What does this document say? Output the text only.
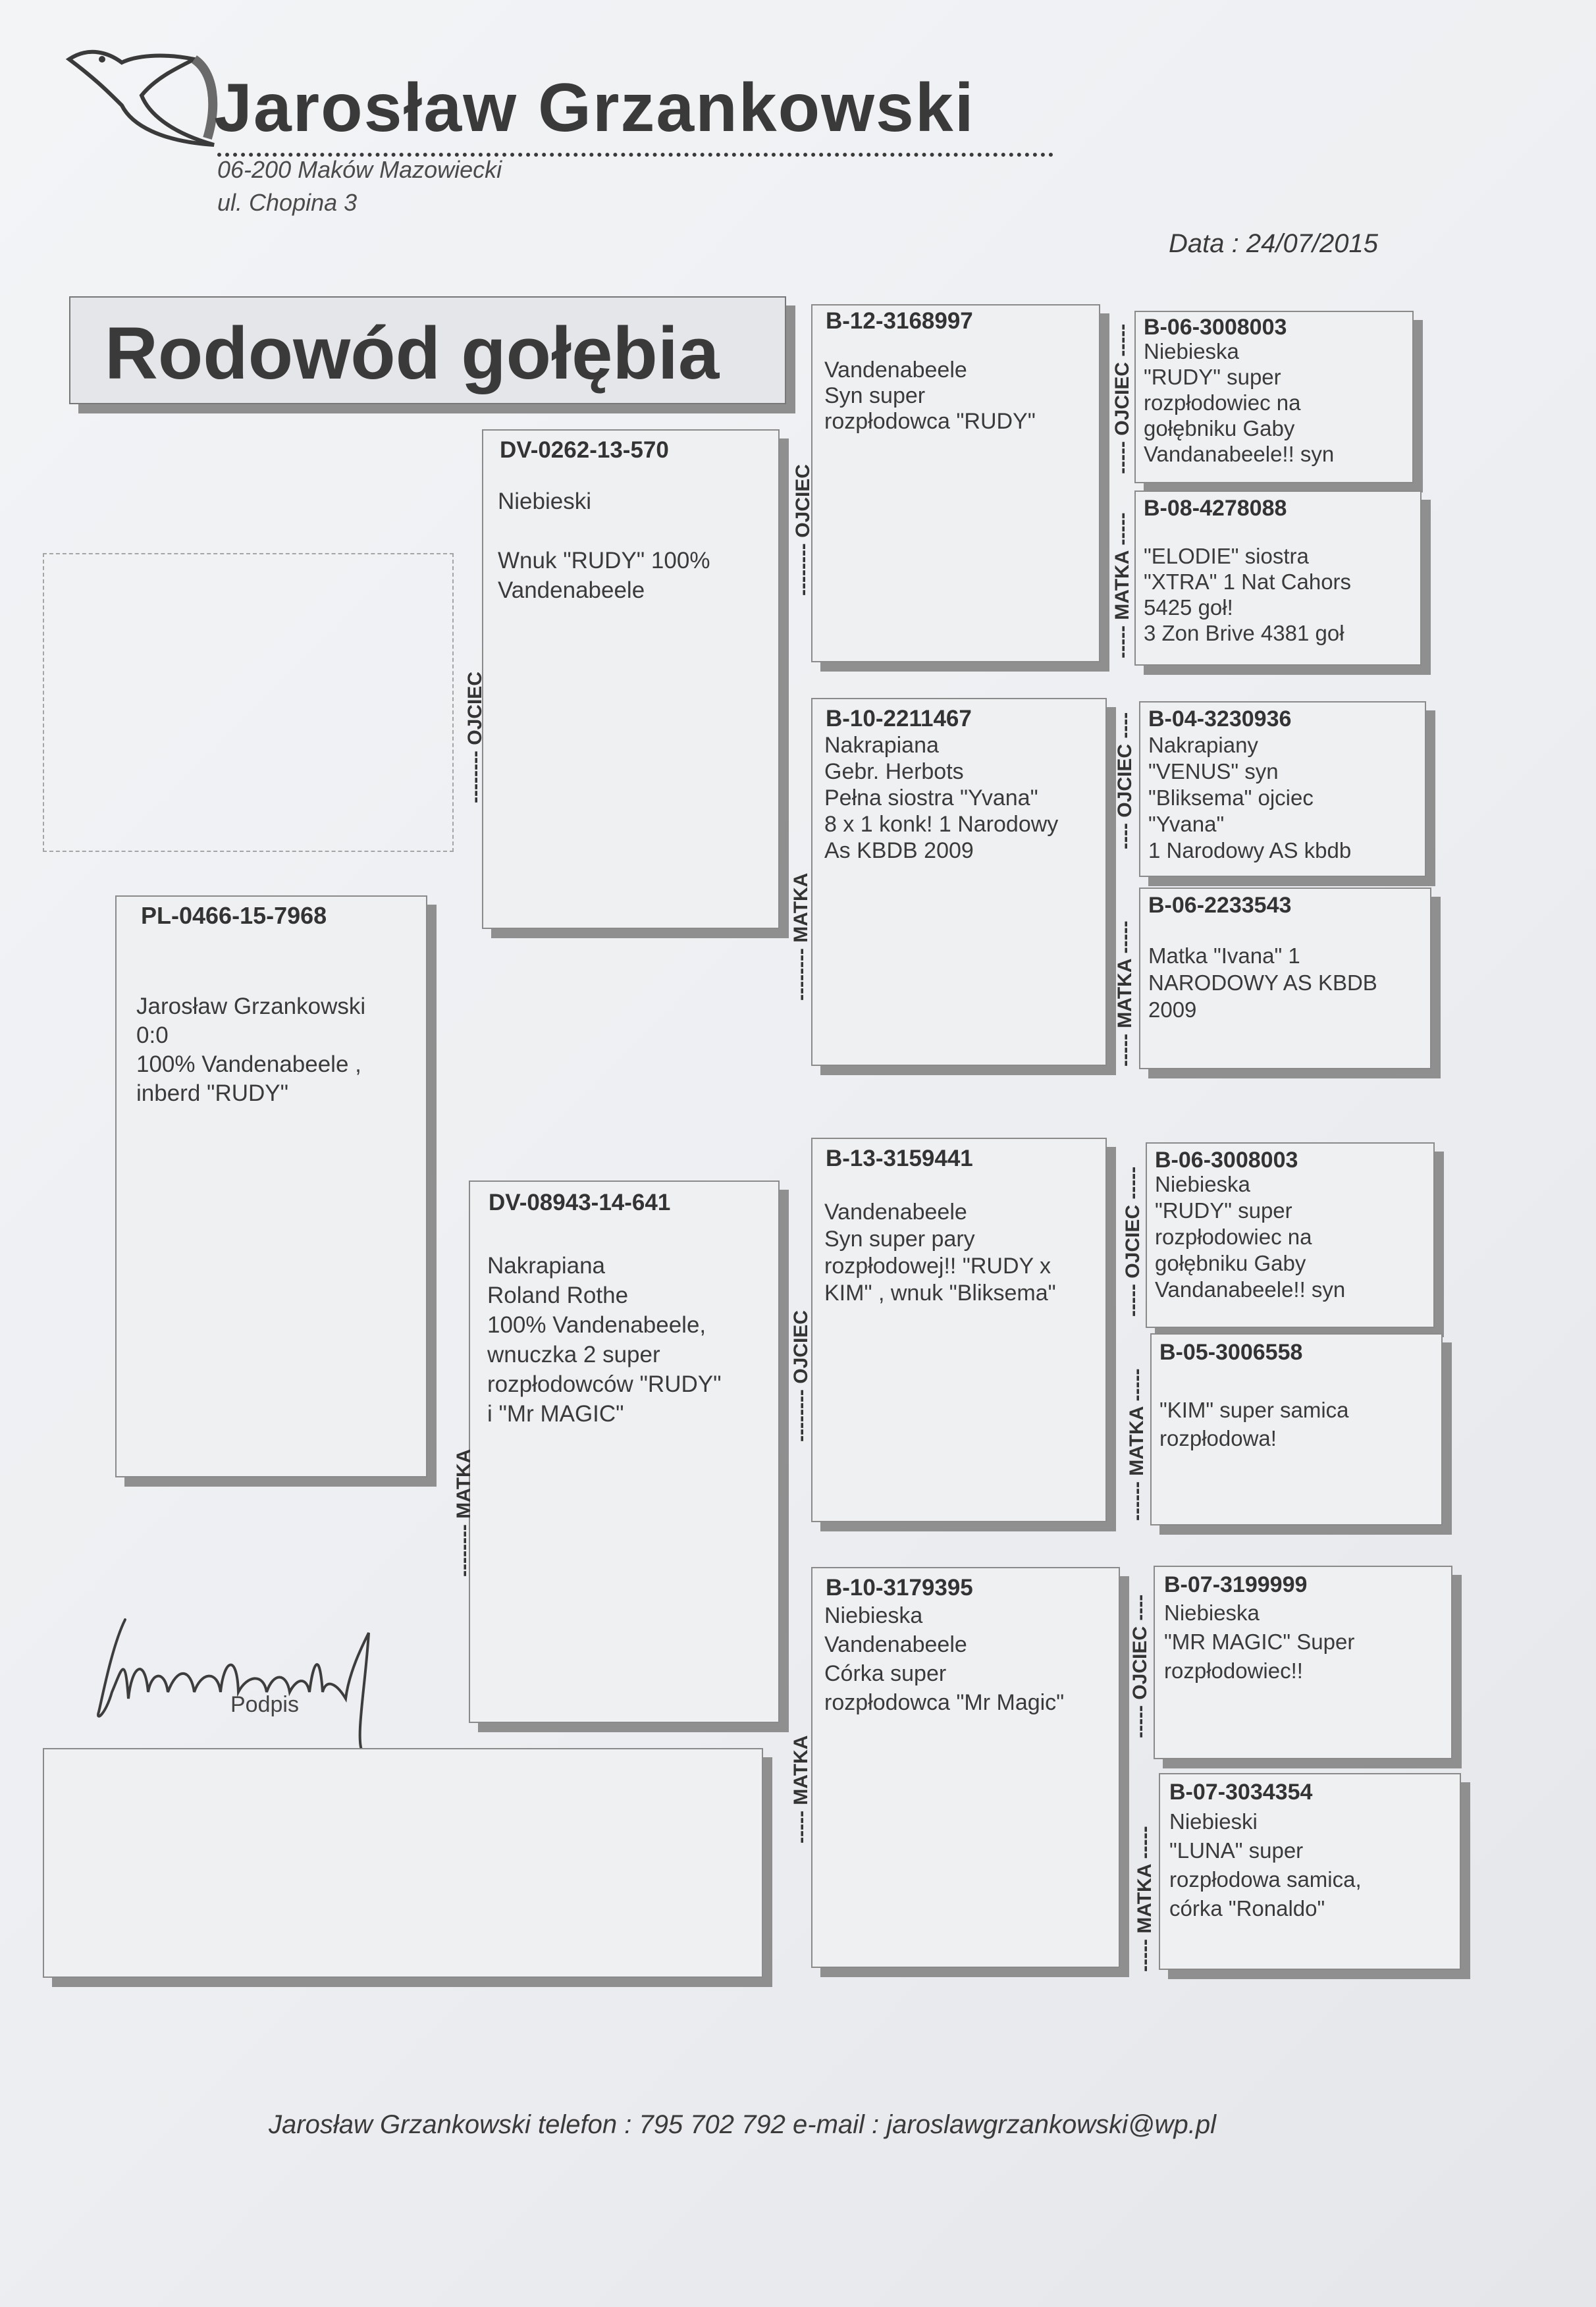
Jarosław Grzankowski
06-200 Maków Mazowiecki
ul. Chopina 3
Data : 24/07/2015
Rodowód gołębia
PL-0466-15-7968
Jarosław Grzankowski
0:0
100% Vandenabeele ,
inberd "RUDY"
Podpis
DV-0262-13-570
Niebieski

Wnuk "RUDY" 100%
Vandenabeele
-------- OJCIEC
DV-08943-14-641
Nakrapiana
Roland Rothe
100% Vandenabeele,
wnuczka 2 super
rozpłodowców "RUDY"
i "Mr MAGIC"
-------- MATKA
B-12-3168997

Vandenabeele
Syn super
rozpłodowca "RUDY"
-------- OJCIEC
B-10-2211467
Nakrapiana
Gebr. Herbots
Pełna siostra "Yvana"
8 x 1 konk! 1 Narodowy
As KBDB 2009
-------- MATKA
B-13-3159441

Vandenabeele
Syn super pary
rozpłodowej!! "RUDY x
KIM" , wnuk "Bliksema"
-------- OJCIEC
B-10-3179395
Niebieska
Vandenabeele
Córka super
rozpłodowca "Mr Magic"
----- MATKA
B-06-3008003
Niebieska
"RUDY" super
rozpłodowiec na
gołębniku Gaby
Vandanabeele!! syn
----- OJCIEC -----
B-08-4278088
"ELODIE" siostra
"XTRA" 1 Nat Cahors
5425 goł!
3 Zon Brive 4381 goł
----- MATKA -----
B-04-3230936
Nakrapiany
"VENUS" syn
"Bliksema" ojciec
"Yvana"
1 Narodowy AS kbdb
---- OJCIEC ----
B-06-2233543

Matka "Ivana" 1
NARODOWY AS KBDB
2009
----- MATKA -----
B-06-3008003
Niebieska
"RUDY" super
rozpłodowiec na
gołębniku Gaby
Vandanabeele!! syn
----- OJCIEC -----
B-05-3006558

"KIM" super samica
rozpłodowa!
------ MATKA -----
B-07-3199999
Niebieska
"MR MAGIC" Super
rozpłodowiec!!
----- OJCIEC ----
B-07-3034354
Niebieski
"LUNA" super
rozpłodowa samica,
córka "Ronaldo"
----- MATKA -----
Jarosław Grzankowski telefon : 795 702 792 e-mail : jaroslawgrzankowski@wp.pl
